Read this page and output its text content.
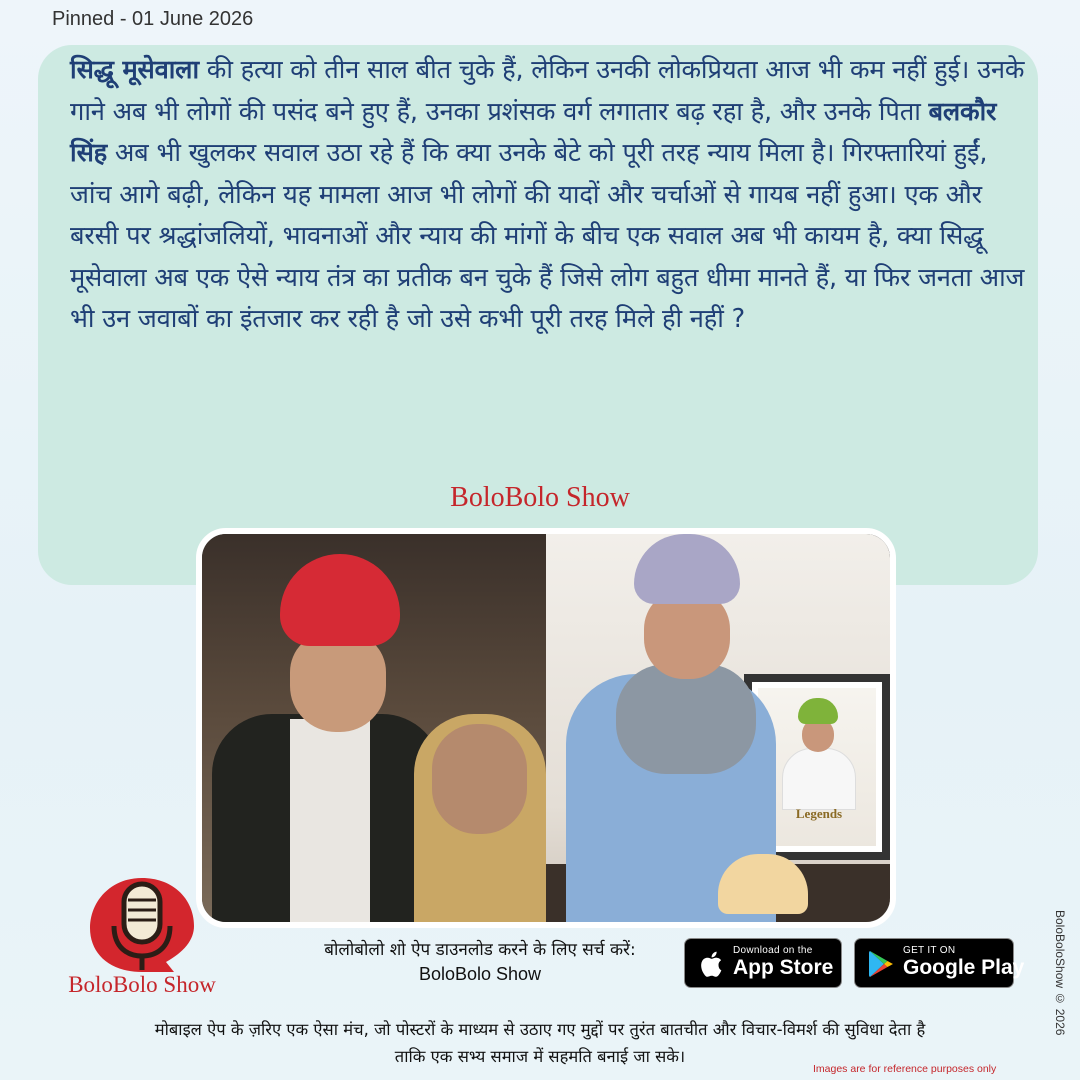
Pinned - 01 June 2026
सिद्धू मूसेवाला की हत्या को तीन साल बीत चुके हैं, लेकिन उनकी लोकप्रियता आज भी कम नहीं हुई। उनके गाने अब भी लोगों की पसंद बने हुए हैं, उनका प्रशंसक वर्ग लगातार बढ़ रहा है, और उनके पिता बलकौर सिंह अब भी खुलकर सवाल उठा रहे हैं कि क्या उनके बेटे को पूरी तरह न्याय मिला है। गिरफ्तारियां हुईं, जांच आगे बढ़ी, लेकिन यह मामला आज भी लोगों की यादों और चर्चाओं से गायब नहीं हुआ। एक और बरसी पर श्रद्धांजलियों, भावनाओं और न्याय की मांगों के बीच एक सवाल अब भी कायम है, क्या सिद्धू मूसेवाला अब एक ऐसे न्याय तंत्र का प्रतीक बन चुके हैं जिसे लोग बहुत धीमा मानते हैं, या फिर जनता आज भी उन जवाबों का इंतजार कर रही है जो उसे कभी पूरी तरह मिले ही नहीं ?
BoloBolo Show
Legends
BoloBolo Show
बोलोबोलो शो ऐप डाउनलोड करने के लिए सर्च करें:
BoloBolo Show
Download on the
App Store
GET IT ON
Google Play
मोबाइल ऐप के ज़रिए एक ऐसा मंच, जो पोस्टरों के माध्यम से उठाए गए मुद्दों पर तुरंत बातचीत और विचार-विमर्श की सुविधा देता है
ताकि एक सभ्य समाज में सहमति बनाई जा सके।
BoloBoloShow © 2026
Images are for reference purposes only
